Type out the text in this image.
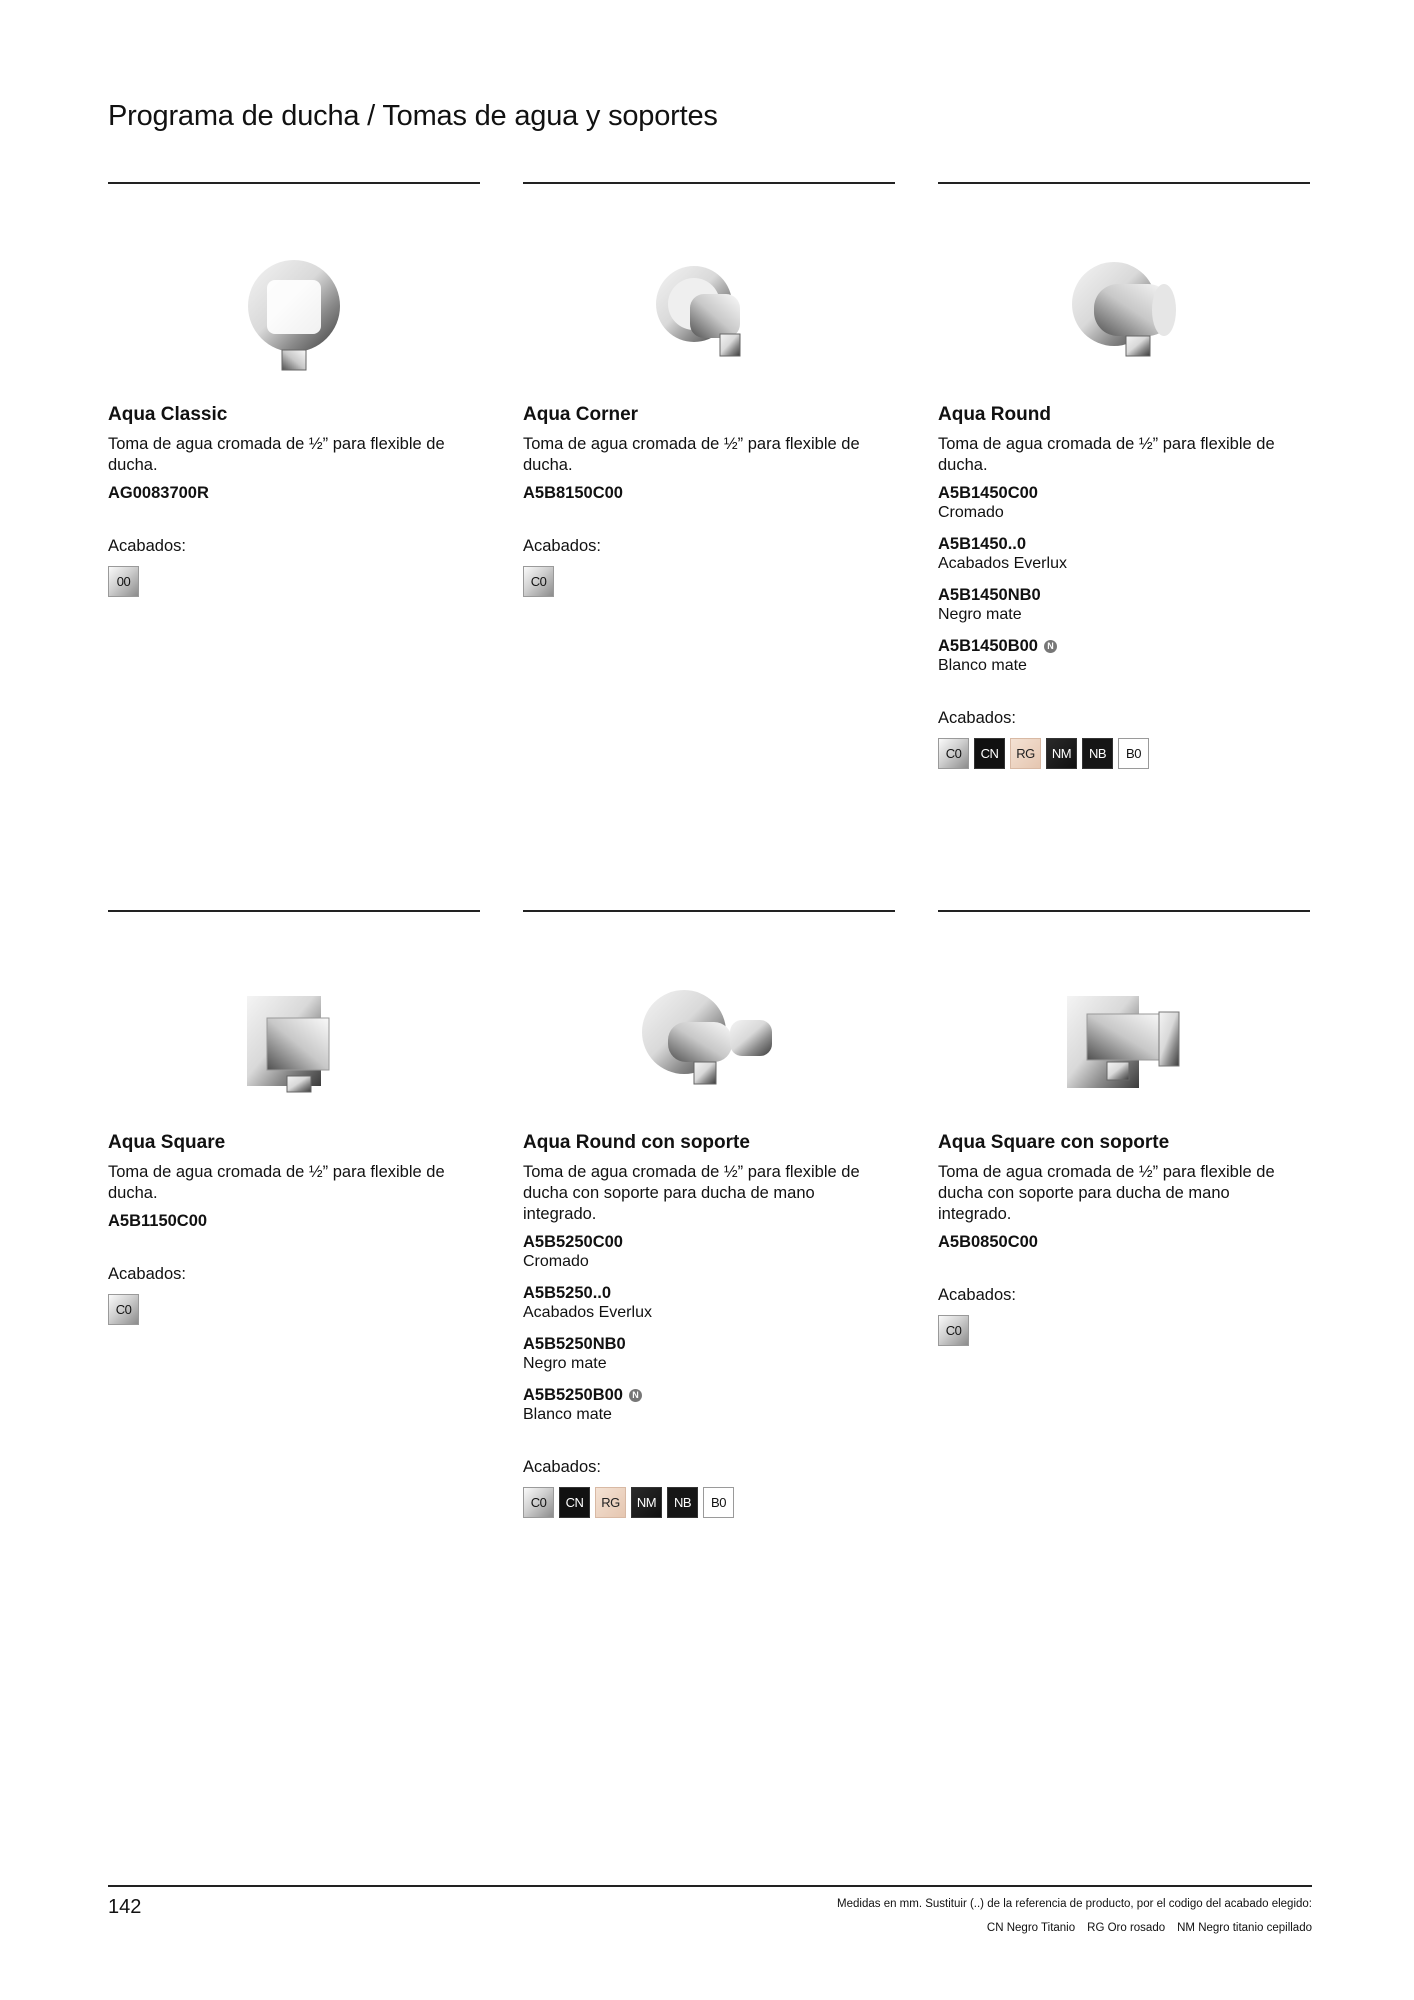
Programa de ducha / Tomas de agua y soportes
Aqua Classic

Toma de agua cromada de ½” para flexible de ducha.

AG0083700R
Acabados:
00
Aqua Corner

Toma de agua cromada de ½” para flexible de ducha.

A5B8150C00
Acabados:
C0
Aqua Round

Toma de agua cromada de ½” para flexible de ducha.

A5B1450C00
Cromado
A5B1450..0
Acabados Everlux
A5B1450NB0
Negro mate
A5B1450B00	N
Blanco mate
Acabados:
C0	CN	RG	NM	NB	B0
Aqua Square

Toma de agua cromada de ½” para flexible de ducha.

A5B1150C00
Acabados:
C0
Aqua Round con soporte

Toma de agua cromada de ½” para flexible de ducha con soporte para ducha de mano integrado.

A5B5250C00
Cromado
A5B5250..0
Acabados Everlux
A5B5250NB0
Negro mate
A5B5250B00	N
Blanco mate
Acabados:
C0	CN	RG	NM	NB	B0
Aqua Square con soporte

Toma de agua cromada de ½” para flexible de ducha con soporte para ducha de mano integrado.

A5B0850C00
Acabados:
C0
142	Medidas en mm. Sustituir (..) de la referencia de producto, por el codigo del acabado elegido:
CN Negro Titanio RG Oro rosado NM Negro titanio cepillado
